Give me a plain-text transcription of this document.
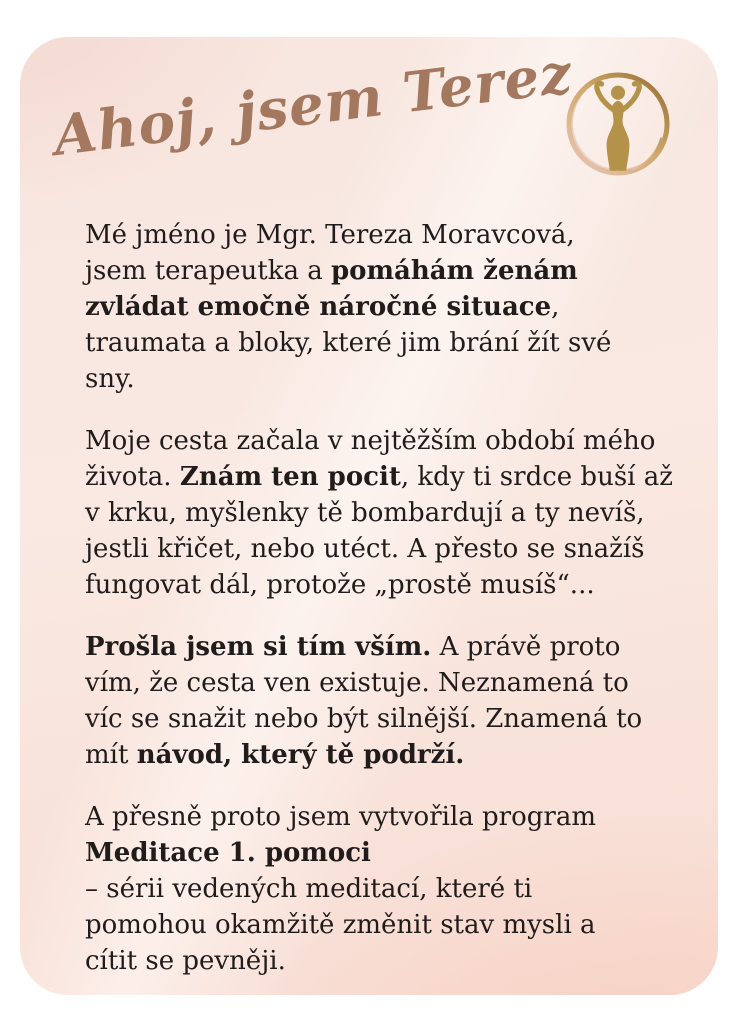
Ahoj, jsem Terez

Mé jméno je Mgr. Tereza Moravcová,
jsem terapeutka a pomáhám ženám
zvládat emočně náročné situace,
traumata a bloky, které jim brání žít své
sny.

Moje cesta začala v nejtěžším období mého
života. Znám ten pocit, kdy ti srdce buší až
v krku, myšlenky tě bombardují a ty nevíš,
jestli křičet, nebo utéct. A přesto se snažíš
fungovat dál, protože „prostě musíš“...

Prošla jsem si tím vším. A právě proto
vím, že cesta ven existuje. Neznamená to
víc se snažit nebo být silnější. Znamená to
mít návod, který tě podrží.

A přesně proto jsem vytvořila program
Meditace 1. pomoci
– sérii vedených meditací, které ti
pomohou okamžitě změnit stav mysli a
cítit se pevněji.
